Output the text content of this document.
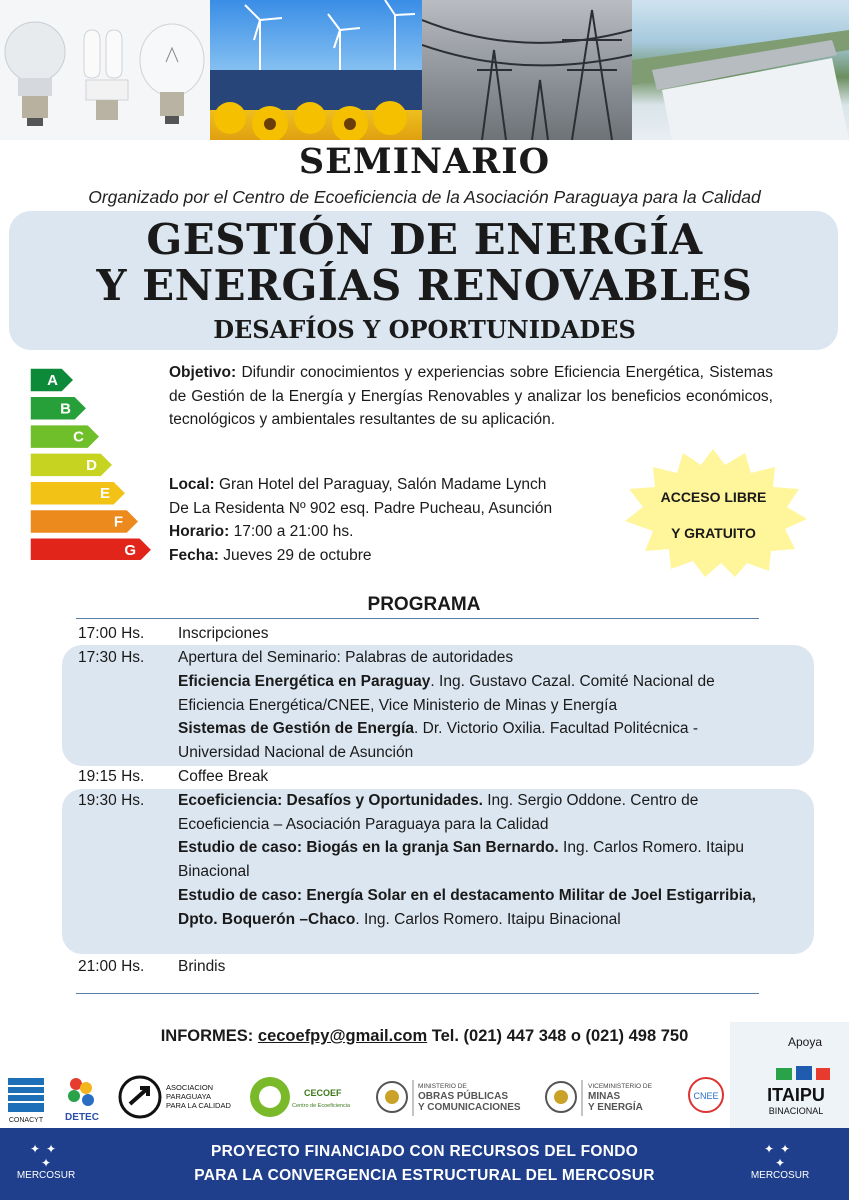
SEMINARIO
Organizado por el Centro de Ecoeficiencia de la Asociación Paraguaya para la Calidad
GESTIÓN DE ENERGÍA
Y ENERGÍAS RENOVABLES
DESAFÍOS Y OPORTUNIDADES
A
B
C
D
E
F
G
Objetivo: Difundir conocimientos y experiencias sobre Eficiencia Energética, Sistemas de Gestión de la Energía y Energías Renovables y analizar los beneficios económicos, tecnológicos y ambientales resultantes de su aplicación.
Local: Gran Hotel del Paraguay, Salón Madame Lynch
De La Residenta Nº 902 esq. Padre Pucheau, Asunción
Horario: 17:00 a 21:00 hs.
Fecha: Jueves 29 de octubre
ACCESO LIBRE
Y GRATUITO
PROGRAMA
17:00 Hs.	Inscripciones
17:30 Hs.	Apertura del Seminario: Palabras de autoridades
Eficiencia Energética en Paraguay. Ing. Gustavo Cazal. Comité Nacional de Eficiencia Energética/CNEE, Vice Ministerio de Minas y Energía
Sistemas de Gestión de Energía. Dr. Victorio Oxilia. Facultad Politécnica - Universidad Nacional de Asunción
19:15 Hs.	Coffee Break
19:30 Hs.	Ecoeficiencia: Desafíos y Oportunidades. Ing. Sergio Oddone. Centro de Ecoeficiencia – Asociación Paraguaya para la Calidad
Estudio de caso: Biogás en la granja San Bernardo. Ing. Carlos Romero. Itaipu Binacional
Estudio de caso: Energía Solar en el destacamento Militar de Joel Estigarribia, Dpto. Boquerón –Chaco. Ing. Carlos Romero. Itaipu Binacional
21:00 Hs.	Brindis
INFORMES: cecoefpy@gmail.com Tel. (021) 447 348 o (021) 498 750
CONACYT DETEC
ASOCIACION
PARAGUAYA
PARA LA CALIDAD
CECOEF
Centro de Ecoeficiencia
MINISTERIO DE
OBRAS PÚBLICAS
Y COMUNICACIONES
VICEMINISTERIO DE
MINAS
Y ENERGÍA
CNEE	ITAIPU
BINACIONAL
Apoya
PROYECTO FINANCIADO CON RECURSOS DEL FONDO
PARA LA CONVERGENCIA ESTRUCTURAL DEL MERCOSUR
✦✦
✦
MERCOSUR
✦✦
✦
MERCOSUR
